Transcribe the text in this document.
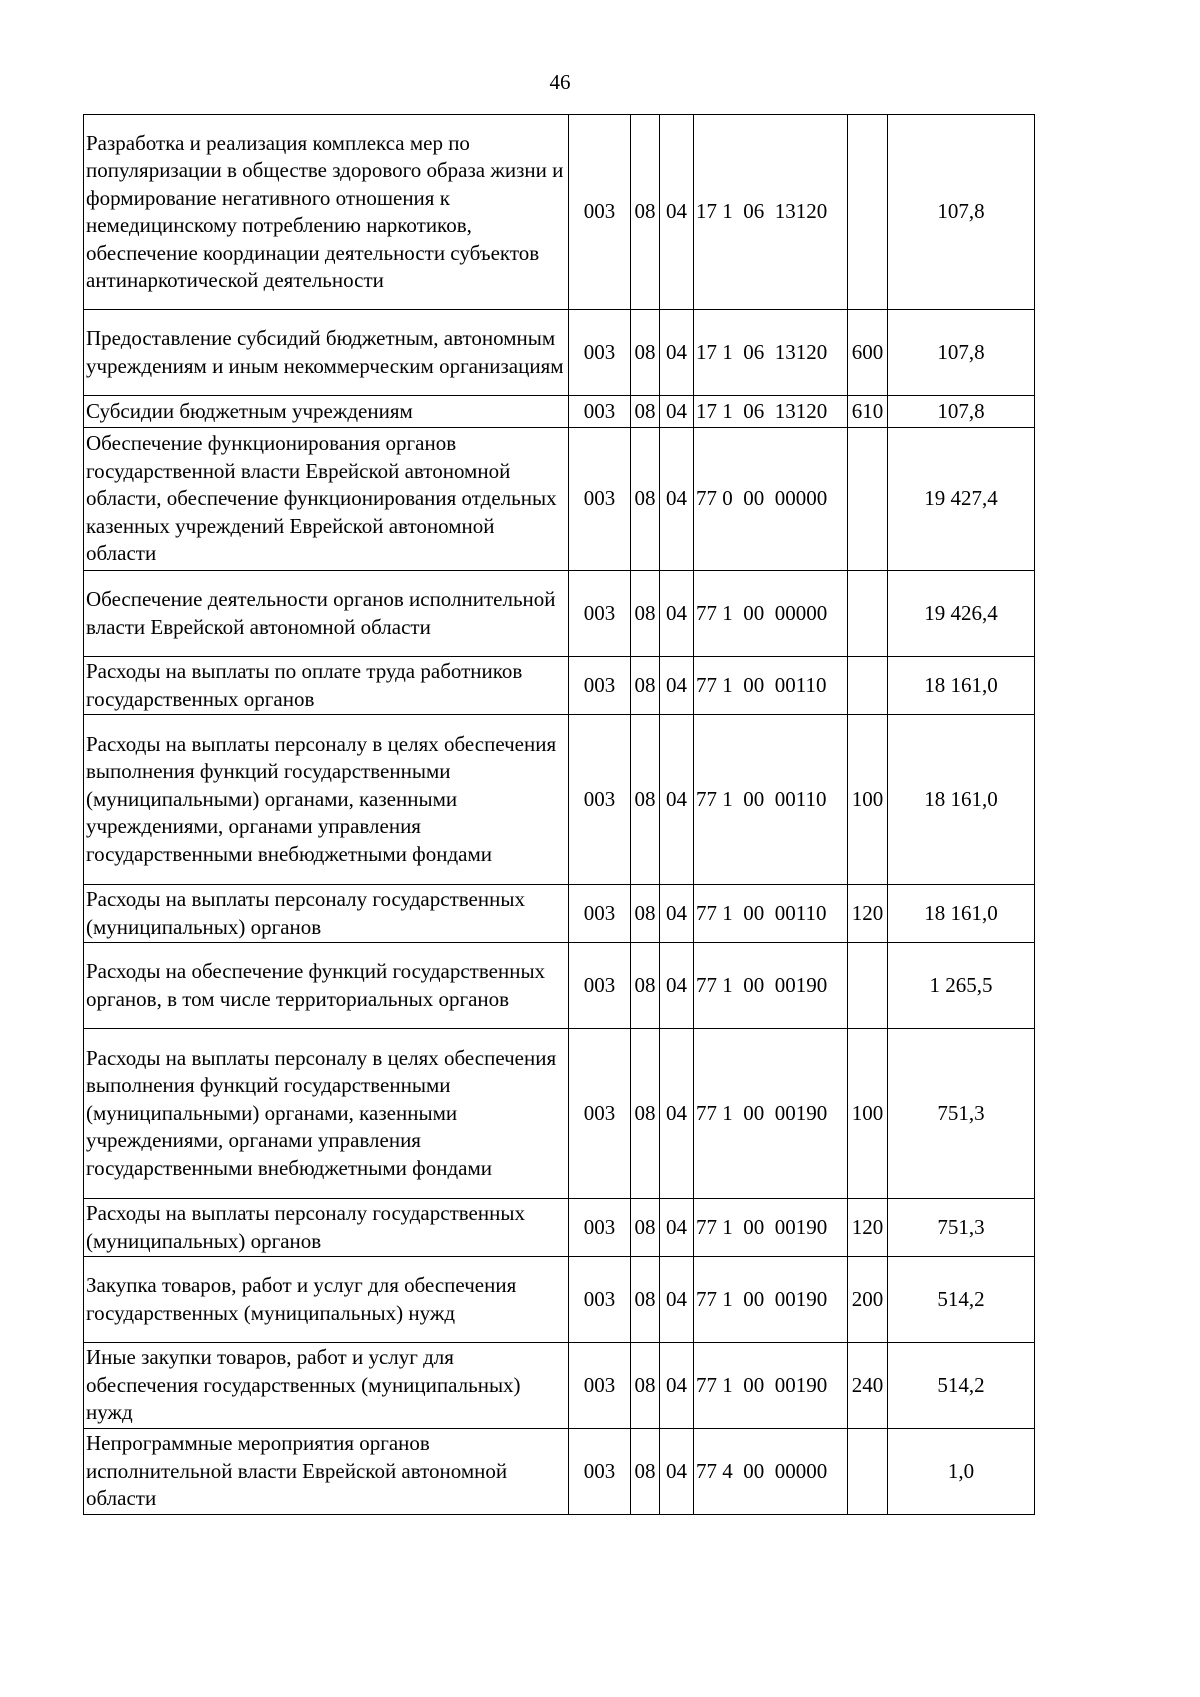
46
Разработка и реализация комплекса мер по популяризации в обществе здорового образа жизни и формирование негативного отношения к немедицинскому потреблению наркотиков, обеспечение координации деятельности субъектов антинаркотической деятельности	003	08	04	17 1  06  13120		107,8
Предоставление субсидий бюджетным, автономным учреждениям и иным некоммерческим организациям	003	08	04	17 1  06  13120	600	107,8
Субсидии бюджетным учреждениям	003	08	04	17 1  06  13120	610	107,8
Обеспечение функционирования органов государственной власти Еврейской автономной области, обеспечение функционирования отдельных казенных учреждений Еврейской автономной области	003	08	04	77 0  00  00000		19 427,4
Обеспечение деятельности органов исполнительной власти Еврейской автономной области	003	08	04	77 1  00  00000		19 426,4
Расходы на выплаты по оплате труда работников государственных органов	003	08	04	77 1  00  00110		18 161,0
Расходы на выплаты персоналу в целях обеспечения выполнения функций государственными (муниципальными) органами, казенными учреждениями, органами управления государственными внебюджетными фондами	003	08	04	77 1  00  00110	100	18 161,0
Расходы на выплаты персоналу государственных (муниципальных) органов	003	08	04	77 1  00  00110	120	18 161,0
Расходы на обеспечение функций государственных органов, в том числе территориальных органов	003	08	04	77 1  00  00190		1 265,5
Расходы на выплаты персоналу в целях обеспечения выполнения функций государственными (муниципальными) органами, казенными учреждениями, органами управления государственными внебюджетными фондами	003	08	04	77 1  00  00190	100	751,3
Расходы на выплаты персоналу государственных (муниципальных) органов	003	08	04	77 1  00  00190	120	751,3
Закупка товаров, работ и услуг для обеспечения государственных (муниципальных) нужд	003	08	04	77 1  00  00190	200	514,2
Иные закупки товаров, работ и услуг для обеспечения государственных (муниципальных) нужд	003	08	04	77 1  00  00190	240	514,2
Непрограммные мероприятия органов исполнительной власти Еврейской автономной области	003	08	04	77 4  00  00000		1,0
